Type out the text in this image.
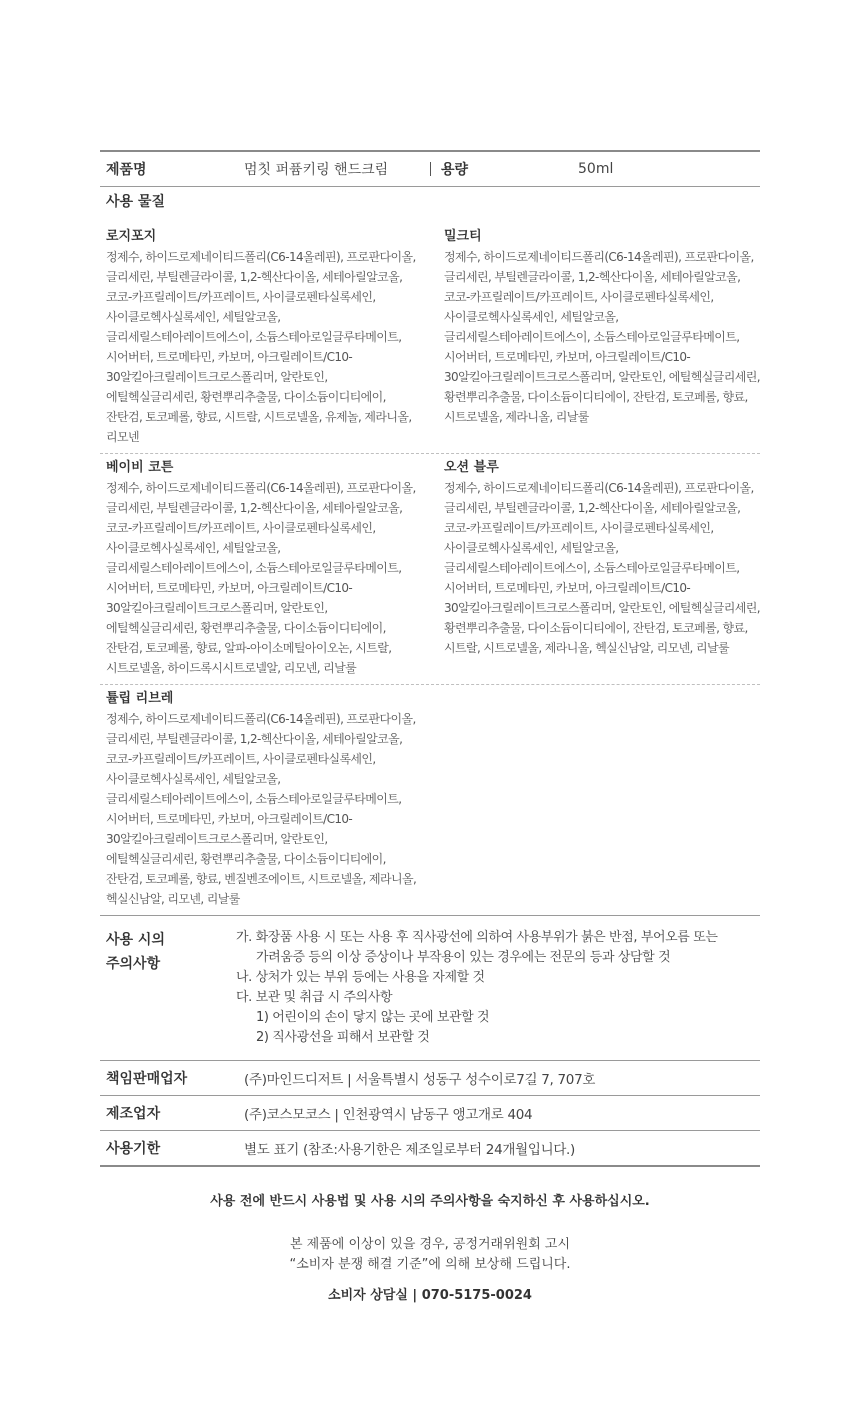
제품명	멈칫 퍼퓸키링 핸드크림	용량	50ml
사용 물질
로지포지
정제수, 하이드로제네이티드폴리(C6-14올레핀), 프로판다이올, 글리세린, 부틸렌글라이콜, 1,2-헥산다이올, 세테아릴알코올, 코코-카프릴레이트/카프레이트, 사이클로펜타실록세인, 사이클로헥사실록세인, 세틸알코올, 글리세릴스테아레이트에스이, 소듐스테아로일글루타메이트, 시어버터, 트로메타민, 카보머, 아크릴레이트/C10-30알킬아크릴레이트크로스폴리머, 알란토인, 에틸헥실글리세린, 황련뿌리추출물, 다이소듐이디티에이, 잔탄검, 토코페롤, 향료, 시트랄, 시트로넬올, 유제놀, 제라니올, 리모넨
밀크티
정제수, 하이드로제네이티드폴리(C6-14올레핀), 프로판다이올, 글리세린, 부틸렌글라이콜, 1,2-헥산다이올, 세테아릴알코올, 코코-카프릴레이트/카프레이트, 사이클로펜타실록세인, 사이클로헥사실록세인, 세틸알코올, 글리세릴스테아레이트에스이, 소듐스테아로일글루타메이트, 시어버터, 트로메타민, 카보머, 아크릴레이트/C10-30알킬아크릴레이트크로스폴리머, 알란토인, 에틸헥실글리세린, 황련뿌리추출물, 다이소듐이디티에이, 잔탄검, 토코페롤, 향료, 시트로넬올, 제라니올, 리날룰
베이비 코튼
정제수, 하이드로제네이티드폴리(C6-14올레핀), 프로판다이올, 글리세린, 부틸렌글라이콜, 1,2-헥산다이올, 세테아릴알코올, 코코-카프릴레이트/카프레이트, 사이클로펜타실록세인, 사이클로헥사실록세인, 세틸알코올, 글리세릴스테아레이트에스이, 소듐스테아로일글루타메이트, 시어버터, 트로메타민, 카보머, 아크릴레이트/C10-30알킬아크릴레이트크로스폴리머, 알란토인, 에틸헥실글리세린, 황련뿌리추출물, 다이소듐이디티에이, 잔탄검, 토코페롤, 향료, 알파-아이소메틸아이오논, 시트랄, 시트로넬올, 하이드록시시트로넬알, 리모넨, 리날룰
오션 블루
정제수, 하이드로제네이티드폴리(C6-14올레핀), 프로판다이올, 글리세린, 부틸렌글라이콜, 1,2-헥산다이올, 세테아릴알코올, 코코-카프릴레이트/카프레이트, 사이클로펜타실록세인, 사이클로헥사실록세인, 세틸알코올, 글리세릴스테아레이트에스이, 소듐스테아로일글루타메이트, 시어버터, 트로메타민, 카보머, 아크릴레이트/C10-30알킬아크릴레이트크로스폴리머, 알란토인, 에틸헥실글리세린, 황련뿌리추출물, 다이소듐이디티에이, 잔탄검, 토코페롤, 향료, 시트랄, 시트로넬올, 제라니올, 헥실신남알, 리모넨, 리날룰
튤립 리브레
정제수, 하이드로제네이티드폴리(C6-14올레핀), 프로판다이올, 글리세린, 부틸렌글라이콜, 1,2-헥산다이올, 세테아릴알코올, 코코-카프릴레이트/카프레이트, 사이클로펜타실록세인, 사이클로헥사실록세인, 세틸알코올, 글리세릴스테아레이트에스이, 소듐스테아로일글루타메이트, 시어버터, 트로메타민, 카보머, 아크릴레이트/C10-30알킬아크릴레이트크로스폴리머, 알란토인, 에틸헥실글리세린, 황련뿌리추출물, 다이소듐이디티에이, 잔탄검, 토코페롤, 향료, 벤질벤조에이트, 시트로넬올, 제라니올, 헥실신남알, 리모넨, 리날룰
사용 시의
주의사항
가. 화장품 사용 시 또는 사용 후 직사광선에 의하여 사용부위가 붉은 반점, 부어오름 또는
가려움증 등의 이상 증상이나 부작용이 있는 경우에는 전문의 등과 상담할 것
나. 상처가 있는 부위 등에는 사용을 자제할 것
다. 보관 및 취급 시 주의사항
1) 어린이의 손이 닿지 않는 곳에 보관할 것
2) 직사광선을 피해서 보관할 것
책임판매업자	(주)마인드디저트 | 서울특별시 성동구 성수이로7길 7, 707호
제조업자	(주)코스모코스 | 인천광역시 남동구 앵고개로 404
사용기한	별도 표기 (참조:사용기한은 제조일로부터 24개월입니다.)
사용 전에 반드시 사용법 및 사용 시의 주의사항을 숙지하신 후 사용하십시오.
본 제품에 이상이 있을 경우, 공정거래위원회 고시
“소비자 분쟁 해결 기준”에 의해 보상해 드립니다.
소비자 상담실 | 070-5175-0024
